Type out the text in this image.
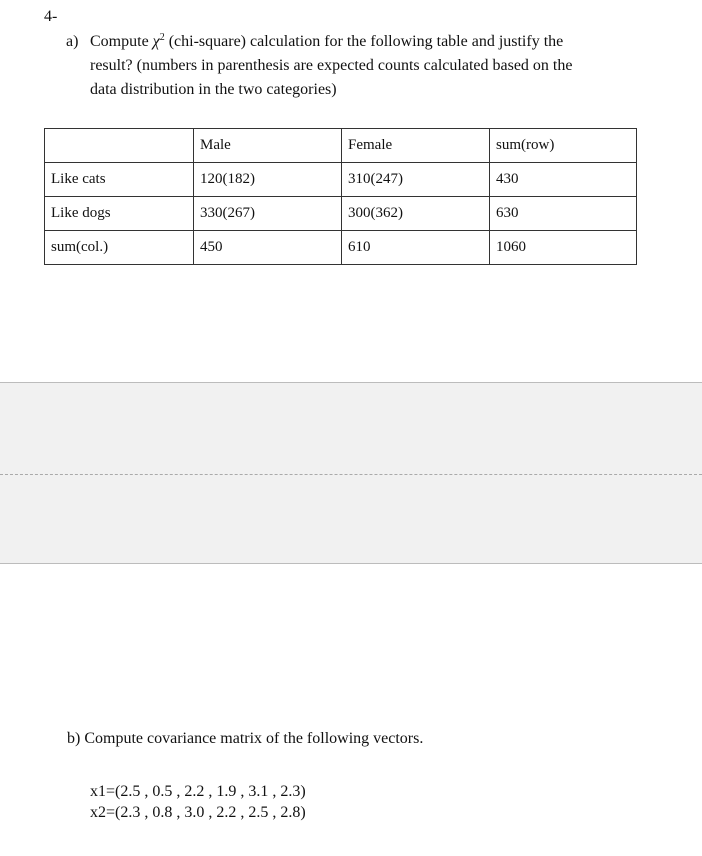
4-
a) Compute $\chi^2$ (chi-square) calculation for the following table and justify the
result? (numbers in parenthesis are expected counts calculated based on the
data distribution in the two categories)
	Male	Female	sum(row)
Like cats	120(182)	310(247)	430
Like dogs	330(267)	300(362)	630
sum(col.)	450	610	1060
b) Compute covariance matrix of the following vectors.
x1=(2.5 , 0.5 , 2.2 , 1.9 , 3.1 , 2.3)
x2=(2.3 , 0.8 , 3.0 , 2.2 , 2.5 , 2.8)
